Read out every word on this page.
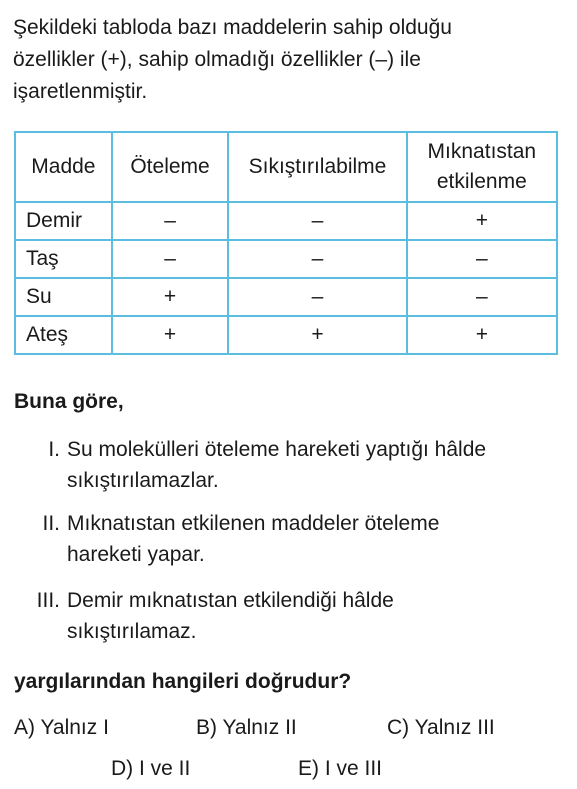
Şekildeki tabloda bazı maddelerin sahip olduğu

özellikler (+), sahip olmadığı özellikler (–) ile

işaretlenmiştir.

Madde	Öteleme	Sıkıştırılabilme	Mıknatıstan
etkilenme

Demir	–	–	+
Taş	–	–	–
Su	+	–	–
Ateş	+	+	+
Buna göre,
I. Su molekülleri öteleme hareketi yaptığı hâlde
sıkıştırılamazlar.
II. Mıknatıstan etkilenen maddeler öteleme
hareketi yapar.
III. Demir mıknatıstan etkilendiği hâlde
sıkıştırılamaz.
yargılarından hangileri doğrudur?
A) Yalnız I	B) Yalnız II	C) Yalnız III
D) I ve II	E) I ve III
